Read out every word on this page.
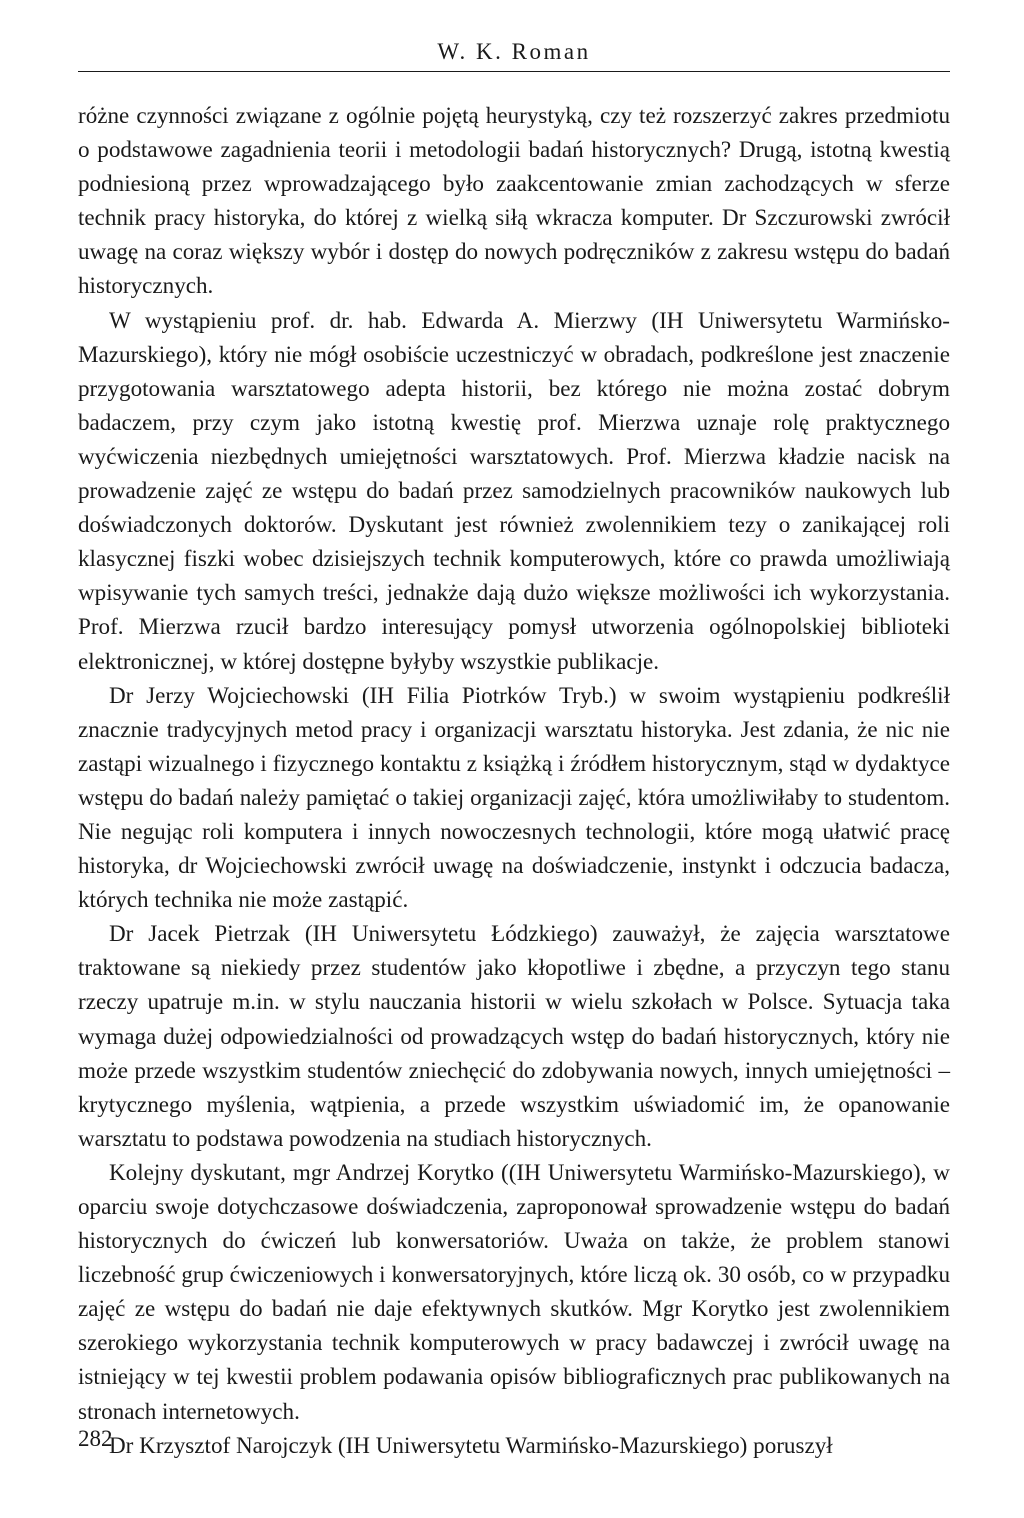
W. K. Roman

różne czynności związane z ogólnie pojętą heurystyką, czy też rozszerzyć zakres przedmiotu o podstawowe zagadnienia teorii i metodologii badań historycznych? Drugą, istotną kwestią podniesioną przez wprowadzającego było zaakcentowanie zmian zachodzących w sferze technik pracy historyka, do której z wielką siłą wkracza komputer. Dr Szczurowski zwrócił uwagę na coraz większy wybór i dostęp do nowych podręczników z zakresu wstępu do badań historycznych.

W wystąpieniu prof. dr. hab. Edwarda A. Mierzwy (IH Uniwersytetu Warmińsko-Mazurskiego), który nie mógł osobiście uczestniczyć w obradach, podkreślone jest znaczenie przygotowania warsztatowego adepta historii, bez którego nie można zostać dobrym badaczem, przy czym jako istotną kwestię prof. Mierzwa uznaje rolę praktycznego wyćwiczenia niezbędnych umiejętności warsztatowych. Prof. Mierzwa kładzie nacisk na prowadzenie zajęć ze wstępu do badań przez samodzielnych pracowników naukowych lub doświadczonych doktorów. Dyskutant jest również zwolennikiem tezy o zanikającej roli klasycznej fiszki wobec dzisiejszych technik komputerowych, które co prawda umożliwiają wpisywanie tych samych treści, jednakże dają dużo większe możliwości ich wykorzystania. Prof. Mierzwa rzucił bardzo interesujący pomysł utworzenia ogólnopolskiej biblioteki elektronicznej, w której dostępne byłyby wszystkie publikacje.

Dr Jerzy Wojciechowski (IH Filia Piotrków Tryb.) w swoim wystąpieniu podkreślił znacznie tradycyjnych metod pracy i organizacji warsztatu historyka. Jest zdania, że nic nie zastąpi wizualnego i fizycznego kontaktu z książką i źródłem historycznym, stąd w dydaktyce wstępu do badań należy pamiętać o takiej organizacji zajęć, która umożliwiłaby to studentom. Nie negując roli komputera i innych nowoczesnych technologii, które mogą ułatwić pracę historyka, dr Wojciechowski zwrócił uwagę na doświadczenie, instynkt i odczucia badacza, których technika nie może zastąpić.

Dr Jacek Pietrzak (IH Uniwersytetu Łódzkiego) zauważył, że zajęcia warsztatowe traktowane są niekiedy przez studentów jako kłopotliwe i zbędne, a przyczyn tego stanu rzeczy upatruje m.in. w stylu nauczania historii w wielu szkołach w Polsce. Sytuacja taka wymaga dużej odpowiedzialności od prowadzących wstęp do badań historycznych, który nie może przede wszystkim studentów zniechęcić do zdobywania nowych, innych umiejętności – krytycznego myślenia, wątpienia, a przede wszystkim uświadomić im, że opanowanie warsztatu to podstawa powodzenia na studiach historycznych.

Kolejny dyskutant, mgr Andrzej Korytko ((IH Uniwersytetu Warmińsko-Mazurskiego), w oparciu swoje dotychczasowe doświadczenia, zaproponował sprowadzenie wstępu do badań historycznych do ćwiczeń lub konwersatoriów. Uważa on także, że problem stanowi liczebność grup ćwiczeniowych i konwersatoryjnych, które liczą ok. 30 osób, co w przypadku zajęć ze wstępu do badań nie daje efektywnych skutków. Mgr Korytko jest zwolennikiem szerokiego wykorzystania technik komputerowych w pracy badawczej i zwrócił uwagę na istniejący w tej kwestii problem podawania opisów bibliograficznych prac publikowanych na stronach internetowych.

Dr Krzysztof Narojczyk (IH Uniwersytetu Warmińsko-Mazurskiego) poruszył

282
